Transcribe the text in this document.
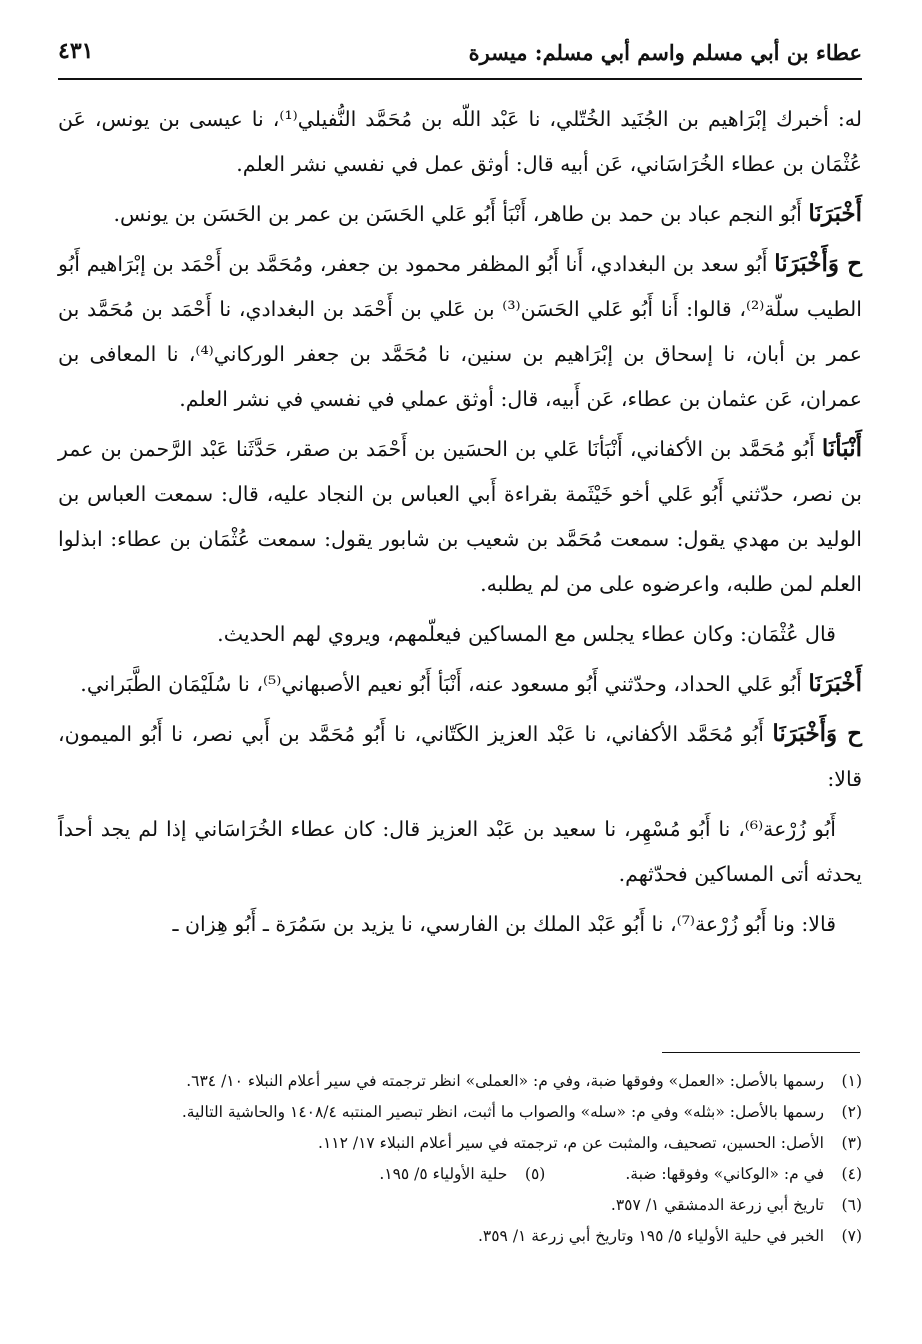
عطاء بن أبي مسلم واسم أبي مسلم: ميسرة
٤٣١

له: أخبرك إبْرَاهيم بن الجُنَيد الخُتّلي، نا عَبْد اللّه بن مُحَمَّد النُّفيلي⁽¹⁾، نا عيسى بن يونس، عَن عُثْمَان بن عطاء الخُرَاسَاني، عَن أبيه قال: أوثق عمل في نفسي نشر العلم.

أَخْبَرَنَا أَبُو النجم عباد بن حمد بن طاهر، أَنْبَأ أَبُو عَلي الحَسَن بن عمر بن الحَسَن بن يونس.

ح وَأَخْبَرَنَا أَبُو سعد بن البغدادي، أَنا أَبُو المظفر محمود بن جعفر، ومُحَمَّد بن أَحْمَد بن إبْرَاهيم أَبُو الطيب سلّة⁽²⁾، قالوا: أَنا أَبُو عَلي الحَسَن⁽³⁾ بن عَلي بن أَحْمَد بن البغدادي، نا أَحْمَد بن مُحَمَّد بن عمر بن أبان، نا إسحاق بن إبْرَاهيم بن سنين، نا مُحَمَّد بن جعفر الوركاني⁽⁴⁾، نا المعافى بن عمران، عَن عثمان بن عطاء، عَن أَبيه، قال: أوثق عملي في نفسي في نشر العلم.

أَنْبَأنَا أَبُو مُحَمَّد بن الأكفاني، أَنْبَأنَا عَلي بن الحسَين بن أَحْمَد بن صقر، حَدَّثَنا عَبْد الرَّحمن بن عمر بن نصر، حدّثني أَبُو عَلي أخو خَيْثَمة بقراءة أَبي العباس بن النجاد عليه، قال: سمعت العباس بن الوليد بن مهدي يقول: سمعت مُحَمَّد بن شعيب بن شابور يقول: سمعت عُثْمَان بن عطاء: ابذلوا العلم لمن طلبه، واعرضوه على من لم يطلبه.

قال عُثْمَان: وكان عطاء يجلس مع المساكين فيعلّمهم، ويروي لهم الحديث.

أَخْبَرَنَا أَبُو عَلي الحداد، وحدّثني أَبُو مسعود عنه، أَنْبَأ أَبُو نعيم الأصبهاني⁽⁵⁾، نا سُلَيْمَان الطَّبَراني.

ح وَأَخْبَرَنَا أَبُو مُحَمَّد الأكفاني، نا عَبْد العزيز الكَتّاني، نا أَبُو مُحَمَّد بن أَبي نصر، نا أَبُو الميمون، قالا:

أَبُو زُرْعة⁽⁶⁾، نا أَبُو مُسْهِر، نا سعيد بن عَبْد العزيز قال: كان عطاء الخُرَاسَاني إذا لم يجد أحداً يحدثه أتى المساكين فحدّثهم.

قالا: ونا أَبُو زُرْعة⁽⁷⁾، نا أَبُو عَبْد الملك بن الفارسي، نا يزيد بن سَمُرَة ـ أَبُو هِزان ـ

(١)رسمها بالأصل: «العمل» وفوقها ضبة، وفي م: «العملى» انظر ترجمته في سير أعلام النبلاء ١٠/ ٦٣٤.

(٢)رسمها بالأصل: «بثله» وفي م: «سله» والصواب ما أثبت، انظر تبصير المنتبه ١٤٠٨/٤ والحاشية التالية.

(٣)الأصل: الحسين، تصحيف، والمثبت عن م، ترجمته في سير أعلام النبلاء ١٧/ ١١٢.

(٤)في م: «الوكاني» وفوقها: ضبة.(٥)حلية الأولياء ٥/ ١٩٥.

(٦)تاريخ أبي زرعة الدمشقي ١/ ٣٥٧.

(٧)الخبر في حلية الأولياء ٥/ ١٩٥ وتاريخ أبي زرعة ١/ ٣٥٩.
